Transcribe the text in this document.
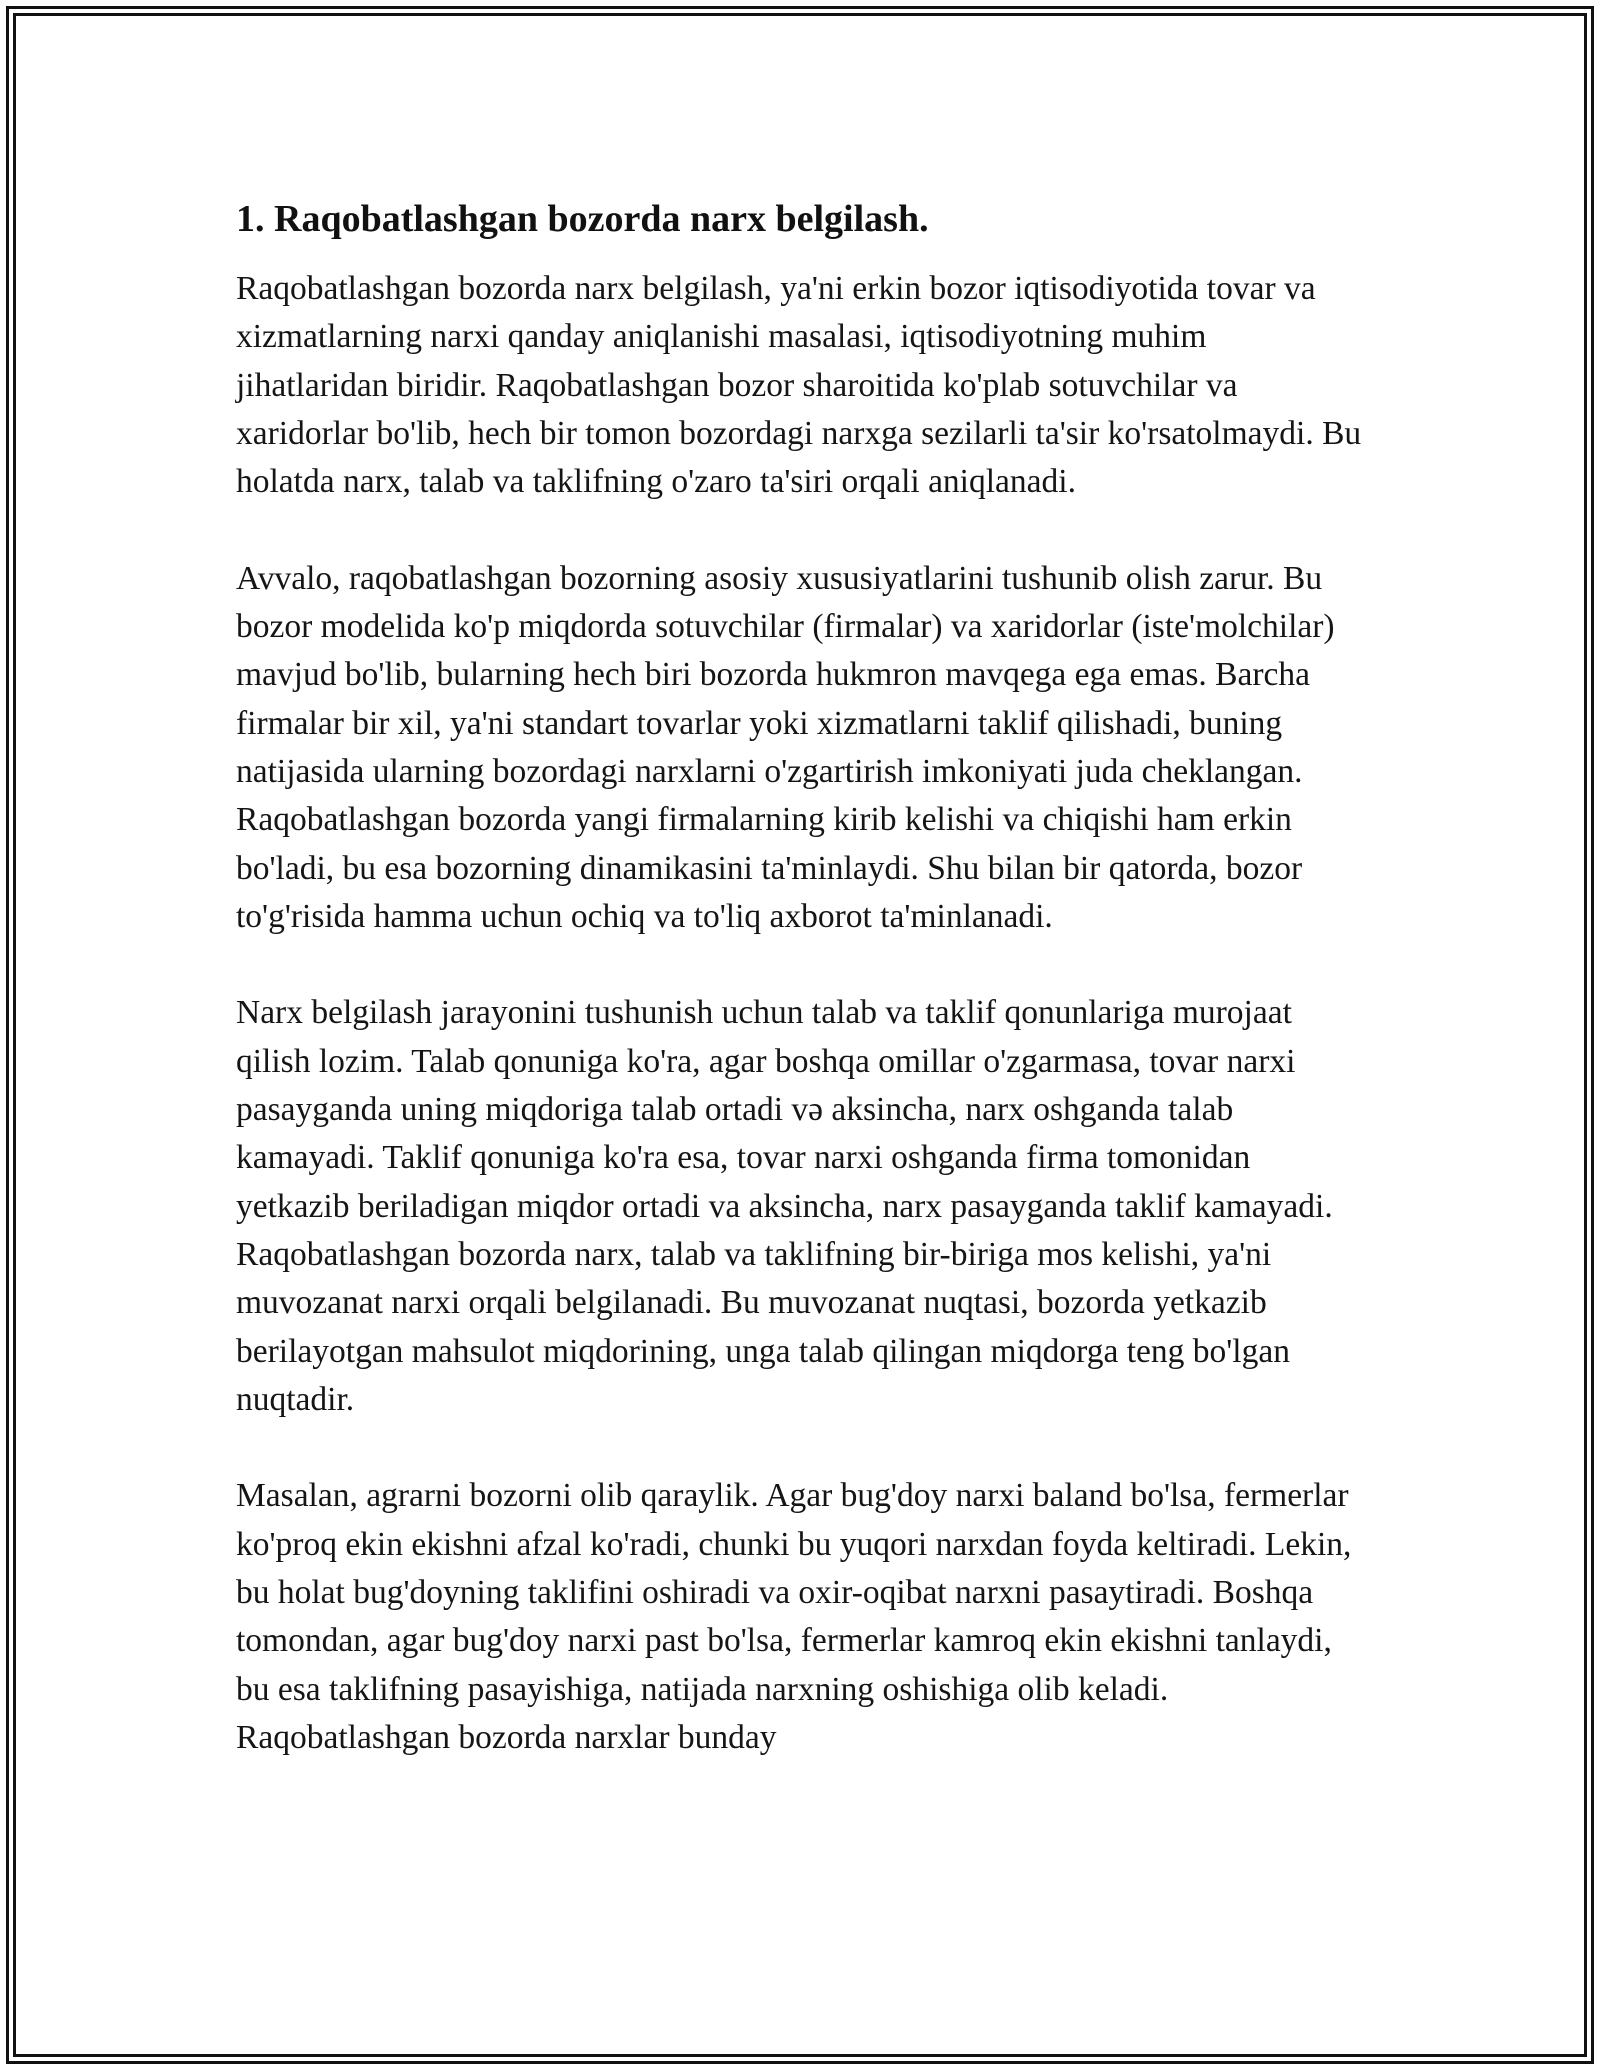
1. Raqobatlashgan bozorda narx belgilash.

Raqobatlashgan bozorda narx belgilash, ya'ni erkin bozor iqtisodiyotida tovar va xizmatlarning narxi qanday aniqlanishi masalasi, iqtisodiyotning muhim jihatlaridan biridir. Raqobatlashgan bozor sharoitida ko'plab sotuvchilar va xaridorlar bo'lib, hech bir tomon bozordagi narxga sezilarli ta'sir ko'rsatolmaydi. Bu holatda narx, talab va taklifning o'zaro ta'siri orqali aniqlanadi.

Avvalo, raqobatlashgan bozorning asosiy xususiyatlarini tushunib olish zarur. Bu bozor modelida ko'p miqdorda sotuvchilar (firmalar) va xaridorlar (iste'molchilar) mavjud bo'lib, bularning hech biri bozorda hukmron mavqega ega emas. Barcha firmalar bir xil, ya'ni standart tovarlar yoki xizmatlarni taklif qilishadi, buning natijasida ularning bozordagi narxlarni o'zgartirish imkoniyati juda cheklangan. Raqobatlashgan bozorda yangi firmalarning kirib kelishi va chiqishi ham erkin bo'ladi, bu esa bozorning dinamikasini ta'minlaydi. Shu bilan bir qatorda, bozor to'g'risida hamma uchun ochiq va to'liq axborot ta'minlanadi.

Narx belgilash jarayonini tushunish uchun talab va taklif qonunlariga murojaat qilish lozim. Talab qonuniga ko'ra, agar boshqa omillar o'zgarmasa, tovar narxi pasayganda uning miqdoriga talab ortadi və aksincha, narx oshganda talab kamayadi. Taklif qonuniga ko'ra esa, tovar narxi oshganda firma tomonidan yetkazib beriladigan miqdor ortadi va aksincha, narx pasayganda taklif kamayadi. Raqobatlashgan bozorda narx, talab va taklifning bir-biriga mos kelishi, ya'ni muvozanat narxi orqali belgilanadi. Bu muvozanat nuqtasi, bozorda yetkazib berilayotgan mahsulot miqdorining, unga talab qilingan miqdorga teng bo'lgan nuqtadir.

Masalan, agrarni bozorni olib qaraylik. Agar bug'doy narxi baland bo'lsa, fermerlar ko'proq ekin ekishni afzal ko'radi, chunki bu yuqori narxdan foyda keltiradi. Lekin, bu holat bug'doyning taklifini oshiradi va oxir-oqibat narxni pasaytiradi. Boshqa tomondan, agar bug'doy narxi past bo'lsa, fermerlar kamroq ekin ekishni tanlaydi, bu esa taklifning pasayishiga, natijada narxning oshishiga olib keladi. Raqobatlashgan bozorda narxlar bunday
